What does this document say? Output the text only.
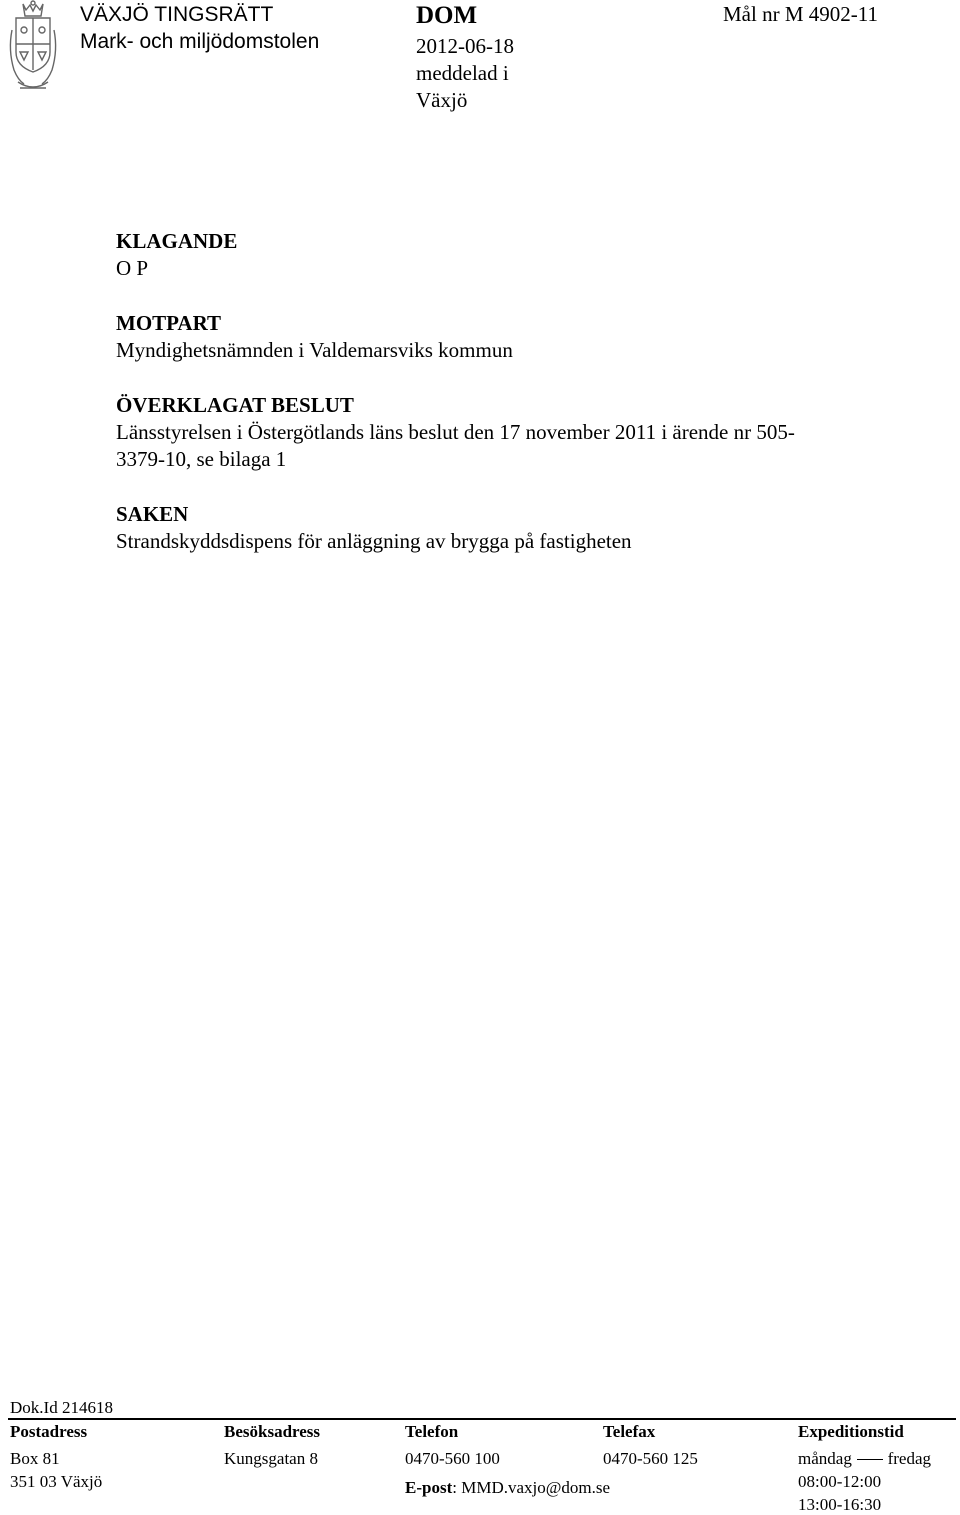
VÄXJÖ TINGSRÄTT
Mark- och miljödomstolen
DOM
2012-06-18
meddelad i
Växjö
Mål nr M 4902-11
KLAGANDE
O P
MOTPART
Myndighetsnämnden i Valdemarsviks kommun
ÖVERKLAGAT BESLUT
Länsstyrelsen i Östergötlands läns beslut den 17 november 2011 i ärende nr 505-
3379-10, se bilaga 1
SAKEN
Strandskyddsdispens för anläggning av brygga på fastigheten
Dok.Id 214618
Postadress
Box 81
351 03 Växjö
Besöksadress
Kungsgatan 8
Telefon
0470-560 100
E-post: MMD.vaxjo@dom.se
Telefax
0470-560 125
Expeditionstid
måndag fredag
08:00-12:00
13:00-16:30
